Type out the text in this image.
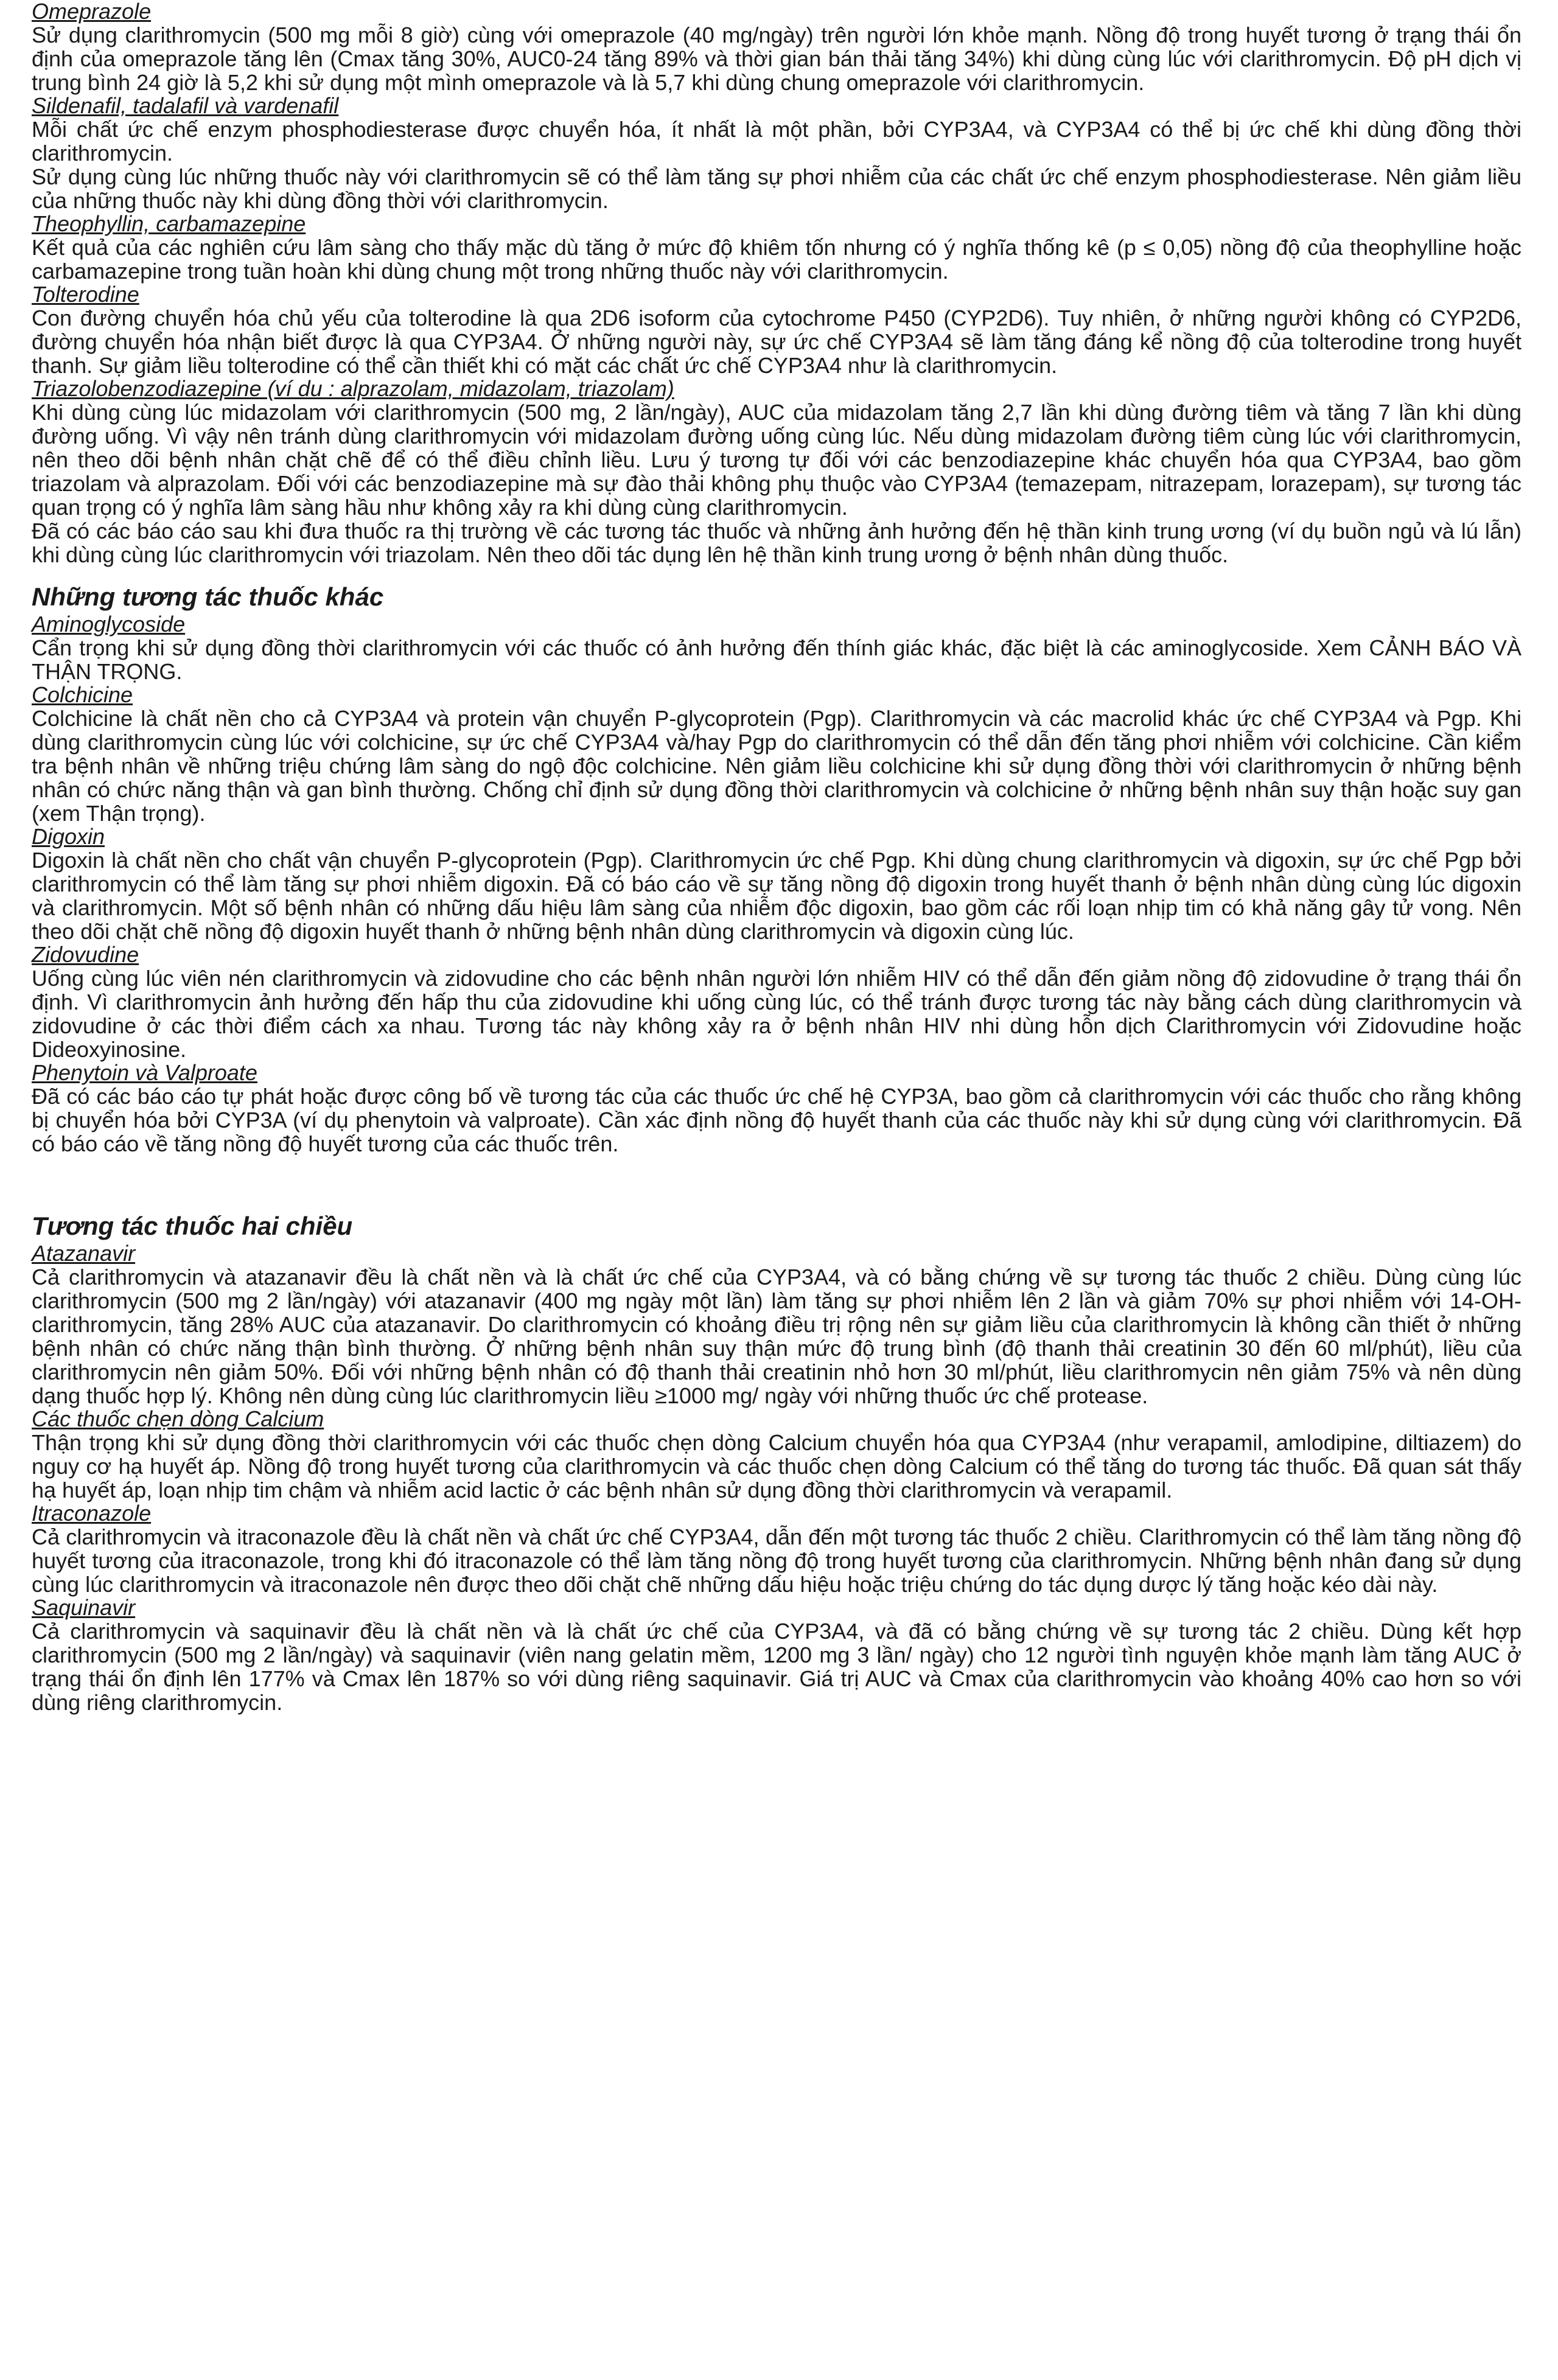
Omeprazole

Sử dụng clarithromycin (500 mg mỗi 8 giờ) cùng với omeprazole (40 mg/ngày) trên người lớn khỏe mạnh. Nồng độ trong huyết tương ở trạng thái ổn định của omeprazole tăng lên (Cmax tăng 30%, AUC0-24 tăng 89% và thời gian bán thải tăng 34%) khi dùng cùng lúc với clarithromycin. Độ pH dịch vị trung bình 24 giờ là 5,2 khi sử dụng một mình omeprazole và là 5,7 khi dùng chung omeprazole với clarithromycin.

Sildenafil, tadalafil và vardenafil

Mỗi chất ức chế enzym phosphodiesterase được chuyển hóa, ít nhất là một phần, bởi CYP3A4, và CYP3A4 có thể bị ức chế khi dùng đồng thời clarithromycin.

Sử dụng cùng lúc những thuốc này với clarithromycin sẽ có thể làm tăng sự phơi nhiễm của các chất ức chế enzym phosphodiesterase. Nên giảm liều của những thuốc này khi dùng đồng thời với clarithromycin.

Theophyllin, carbamazepine

Kết quả của các nghiên cứu lâm sàng cho thấy mặc dù tăng ở mức độ khiêm tốn nhưng có ý nghĩa thống kê (p ≤ 0,05) nồng độ của theophylline hoặc carbamazepine trong tuần hoàn khi dùng chung một trong những thuốc này với clarithromycin.

Tolterodine

Con đường chuyển hóa chủ yếu của tolterodine là qua 2D6 isoform của cytochrome P450 (CYP2D6). Tuy nhiên, ở những người không có CYP2D6, đường chuyển hóa nhận biết được là qua CYP3A4. Ở những người này, sự ức chế CYP3A4 sẽ làm tăng đáng kể nồng độ của tolterodine trong huyết thanh. Sự giảm liều tolterodine có thể cần thiết khi có mặt các chất ức chế CYP3A4 như là clarithromycin.

Triazolobenzodiazepine (ví du : alprazolam, midazolam, triazolam)

Khi dùng cùng lúc midazolam với clarithromycin (500 mg, 2 lần/ngày), AUC của midazolam tăng 2,7 lần khi dùng đường tiêm và tăng 7 lần khi dùng đường uống. Vì vậy nên tránh dùng clarithromycin với midazolam đường uống cùng lúc. Nếu dùng midazolam đường tiêm cùng lúc với clarithromycin, nên theo dõi bệnh nhân chặt chẽ để có thể điều chỉnh liều. Lưu ý tương tự đối với các benzodiazepine khác chuyển hóa qua CYP3A4, bao gồm triazolam và alprazolam. Đối với các benzodiazepine mà sự đào thải không phụ thuộc vào CYP3A4 (temazepam, nitrazepam, lorazepam), sự tương tác quan trọng có ý nghĩa lâm sàng hầu như không xảy ra khi dùng cùng clarithromycin.

Đã có các báo cáo sau khi đưa thuốc ra thị trường về các tương tác thuốc và những ảnh hưởng đến hệ thần kinh trung ương (ví dụ buồn ngủ và lú lẫn) khi dùng cùng lúc clarithromycin với triazolam. Nên theo dõi tác dụng lên hệ thần kinh trung ương ở bệnh nhân dùng thuốc.

Những tương tác thuốc khác
Aminoglycoside

Cẩn trọng khi sử dụng đồng thời clarithromycin với các thuốc có ảnh hưởng đến thính giác khác, đặc biệt là các aminoglycoside. Xem CẢNH BÁO VÀ THẬN TRỌNG.

Colchicine

Colchicine là chất nền cho cả CYP3A4 và protein vận chuyển P-glycoprotein (Pgp). Clarithromycin và các macrolid khác ức chế CYP3A4 và Pgp. Khi dùng clarithromycin cùng lúc với colchicine, sự ức chế CYP3A4 và/hay Pgp do clarithromycin có thể dẫn đến tăng phơi nhiễm với colchicine. Cần kiểm tra bệnh nhân về những triệu chứng lâm sàng do ngộ độc colchicine. Nên giảm liều colchicine khi sử dụng đồng thời với clarithromycin ở những bệnh nhân có chức năng thận và gan bình thường. Chống chỉ định sử dụng đồng thời clarithromycin và colchicine ở những bệnh nhân suy thận hoặc suy gan (xem Thận trọng).

Digoxin

Digoxin là chất nền cho chất vận chuyển P-glycoprotein (Pgp). Clarithromycin ức chế Pgp. Khi dùng chung clarithromycin và digoxin, sự ức chế Pgp bởi clarithromycin có thể làm tăng sự phơi nhiễm digoxin. Đã có báo cáo về sự tăng nồng độ digoxin trong huyết thanh ở bệnh nhân dùng cùng lúc digoxin và clarithromycin. Một số bệnh nhân có những dấu hiệu lâm sàng của nhiễm độc digoxin, bao gồm các rối loạn nhịp tim có khả năng gây tử vong. Nên theo dõi chặt chẽ nồng độ digoxin huyết thanh ở những bệnh nhân dùng clarithromycin và digoxin cùng lúc.

Zidovudine

Uống cùng lúc viên nén clarithromycin và zidovudine cho các bệnh nhân người lớn nhiễm HIV có thể dẫn đến giảm nồng độ zidovudine ở trạng thái ổn định. Vì clarithromycin ảnh hưởng đến hấp thu của zidovudine khi uống cùng lúc, có thể tránh được tương tác này bằng cách dùng clarithromycin và zidovudine ở các thời điểm cách xa nhau. Tương tác này không xảy ra ở bệnh nhân HIV nhi dùng hỗn dịch Clarithromycin với Zidovudine hoặc Dideoxyinosine.

Phenytoin và Valproate

Đã có các báo cáo tự phát hoặc được công bố về tương tác của các thuốc ức chế hệ CYP3A, bao gồm cả clarithromycin với các thuốc cho rằng không bị chuyển hóa bởi CYP3A (ví dụ phenytoin và valproate). Cần xác định nồng độ huyết thanh của các thuốc này khi sử dụng cùng với clarithromycin. Đã có báo cáo về tăng nồng độ huyết tương của các thuốc trên.

Tương tác thuốc hai chiều
Atazanavir

Cả clarithromycin và atazanavir đều là chất nền và là chất ức chế của CYP3A4, và có bằng chứng về sự tương tác thuốc 2 chiều. Dùng cùng lúc clarithromycin (500 mg 2 lần/ngày) với atazanavir (400 mg ngày một lần) làm tăng sự phơi nhiễm lên 2 lần và giảm 70% sự phơi nhiễm với 14-OH-clarithromycin, tăng 28% AUC của atazanavir. Do clarithromycin có khoảng điều trị rộng nên sự giảm liều của clarithromycin là không cần thiết ở những bệnh nhân có chức năng thận bình thường. Ở những bệnh nhân suy thận mức độ trung bình (độ thanh thải creatinin 30 đến 60 ml/phút), liều của clarithromycin nên giảm 50%. Đối với những bệnh nhân có độ thanh thải creatinin nhỏ hơn 30 ml/phút, liều clarithromycin nên giảm 75% và nên dùng dạng thuốc hợp lý. Không nên dùng cùng lúc clarithromycin liều ≥1000 mg/ ngày với những thuốc ức chế protease.

Các thuốc chẹn dòng Calcium

Thận trọng khi sử dụng đồng thời clarithromycin với các thuốc chẹn dòng Calcium chuyển hóa qua CYP3A4 (như verapamil, amlodipine, diltiazem) do nguy cơ hạ huyết áp. Nồng độ trong huyết tương của clarithromycin và các thuốc chẹn dòng Calcium có thể tăng do tương tác thuốc. Đã quan sát thấy hạ huyết áp, loạn nhịp tim chậm và nhiễm acid lactic ở các bệnh nhân sử dụng đồng thời clarithromycin và verapamil.

Itraconazole

Cả clarithromycin và itraconazole đều là chất nền và chất ức chế CYP3A4, dẫn đến một tương tác thuốc 2 chiều. Clarithromycin có thể làm tăng nồng độ huyết tương của itraconazole, trong khi đó itraconazole có thể làm tăng nồng độ trong huyết tương của clarithromycin. Những bệnh nhân đang sử dụng cùng lúc clarithromycin và itraconazole nên được theo dõi chặt chẽ những dấu hiệu hoặc triệu chứng do tác dụng dược lý tăng hoặc kéo dài này.

Saquinavir

Cả clarithromycin và saquinavir đều là chất nền và là chất ức chế của CYP3A4, và đã có bằng chứng về sự tương tác 2 chiều. Dùng kết hợp clarithromycin (500 mg 2 lần/ngày) và saquinavir (viên nang gelatin mềm, 1200 mg 3 lần/ ngày) cho 12 người tình nguyện khỏe mạnh làm tăng AUC ở trạng thái ổn định lên 177% và Cmax lên 187% so với dùng riêng saquinavir. Giá trị AUC và Cmax của clarithromycin vào khoảng 40% cao hơn so với dùng riêng clarithromycin.
